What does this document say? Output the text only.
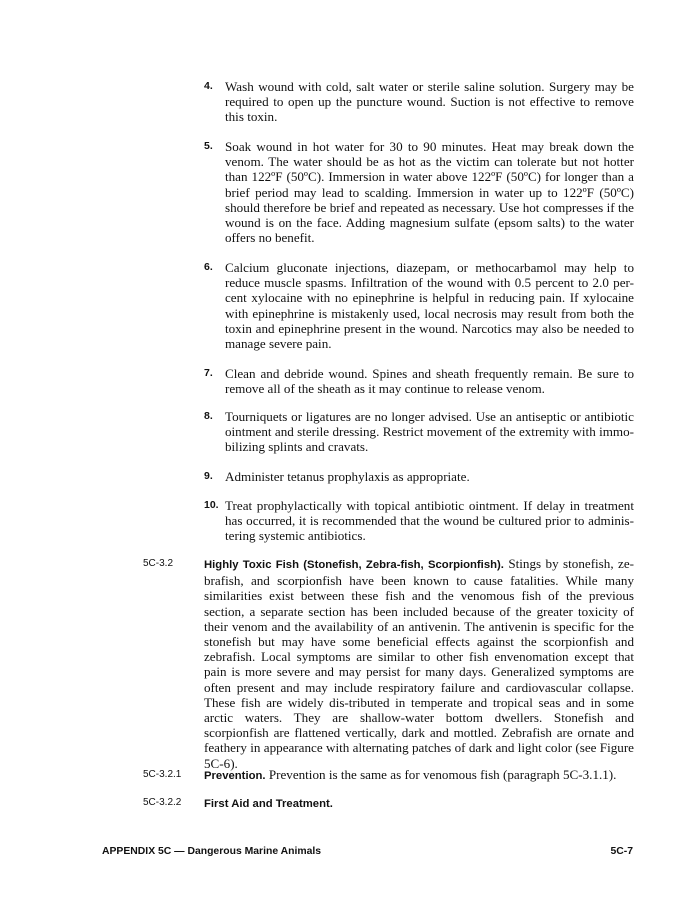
4. Wash wound with cold, salt water or sterile saline solution. Surgery may be required to open up the puncture wound. Suction is not effective to remove this toxin.
5. Soak wound in hot water for 30 to 90 minutes. Heat may break down the venom. The water should be as hot as the victim can tolerate but not hotter than 122ºF (50ºC). Immersion in water above 122ºF (50ºC) for longer than a brief period may lead to scalding. Immersion in water up to 122ºF (50ºC) should therefore be brief and repeated as necessary. Use hot compresses if the wound is on the face. Adding magnesium sulfate (epsom salts) to the water offers no benefit.
6. Calcium gluconate injections, diazepam, or methocarbamol may help to reduce muscle spasms. Infiltration of the wound with 0.5 percent to 2.0 per-cent xylocaine with no epinephrine is helpful in reducing pain. If xylocaine with epinephrine is mistakenly used, local necrosis may result from both the toxin and epinephrine present in the wound. Narcotics may also be needed to manage severe pain.
7. Clean and debride wound. Spines and sheath frequently remain. Be sure to remove all of the sheath as it may continue to release venom.
8. Tourniquets or ligatures are no longer advised. Use an antiseptic or antibiotic ointment and sterile dressing. Restrict movement of the extremity with immo-bilizing splints and cravats.
9. Administer tetanus prophylaxis as appropriate.
10. Treat prophylactically with topical antibiotic ointment. If delay in treatment has occurred, it is recommended that the wound be cultured prior to adminis-tering systemic antibiotics.
5C-3.2	Highly Toxic Fish (Stonefish, Zebra-fish, Scorpionfish). Stings by stonefish, ze-brafish, and scorpionfish have been known to cause fatalities. While many similarities exist between these fish and the venomous fish of the previous section, a separate section has been included because of the greater toxicity of their venom and the availability of an antivenin. The antivenin is specific for the stonefish but may have some beneficial effects against the scorpionfish and zebrafish. Local symptoms are similar to other fish envenomation except that pain is more severe and may persist for many days. Generalized symptoms are often present and may include respiratory failure and cardiovascular collapse. These fish are widely dis-tributed in temperate and tropical seas and in some arctic waters. They are shallow-water bottom dwellers. Stonefish and scorpionfish are flattened vertically, dark and mottled. Zebrafish are ornate and feathery in appearance with alternating patches of dark and light color (see Figure 5C-6).
5C-3.2.1 Prevention. Prevention is the same as for venomous fish (paragraph 5C-3.1.1).
5C-3.2.2 First Aid and Treatment.
APPENDIX 5C — Dangerous Marine Animals	5C-7
